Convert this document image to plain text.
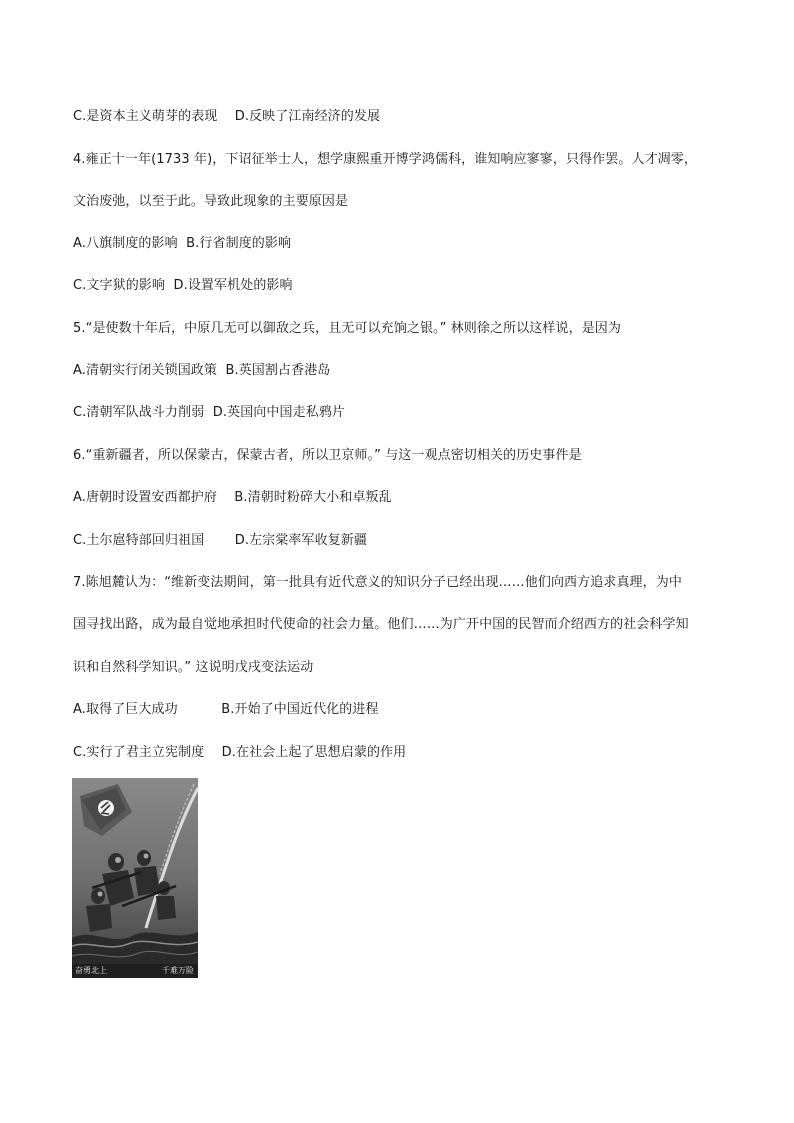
C.是资本主义萌芽的表现　 D.反映了江南经济的发展
4.雍正十一年(1733 年)，下诏征举士人，想学康熙重开博学鸿儒科，谁知响应寥寥，只得作罢。人才凋零，
文治废弛，以至于此。导致此现象的主要原因是
A.八旗制度的影响  B.行省制度的影响
C.文字狱的影响  D.设置军机处的影响
5.“是使数十年后，中原几无可以御敌之兵，且无可以充饷之银。” 林则徐之所以这样说，是因为
A.清朝实行闭关锁国政策  B.英国割占香港岛
C.清朝军队战斗力削弱  D.英国向中国走私鸦片
6.“重新疆者，所以保蒙古，保蒙古者，所以卫京师。” 与这一观点密切相关的历史事件是
A.唐朝时设置安西都护府　 B.清朝时粉碎大小和卓叛乱
C.土尔扈特部回归祖国　　 D.左宗棠率军收复新疆
7.陈旭麓认为：“维新变法期间，第一批具有近代意义的知识分子已经出现……他们向西方追求真理，为中
国寻找出路，成为最自觉地承担时代使命的社会力量。他们……为广开中国的民智而介绍西方的社会科学知
识和自然科学知识。” 这说明戊戌变法运动
A.取得了巨大成功　　　 B.开始了中国近代化的进程
C.实行了君主立宪制度　 D.在社会上起了思想启蒙的作用
奋勇北上	千难万险
